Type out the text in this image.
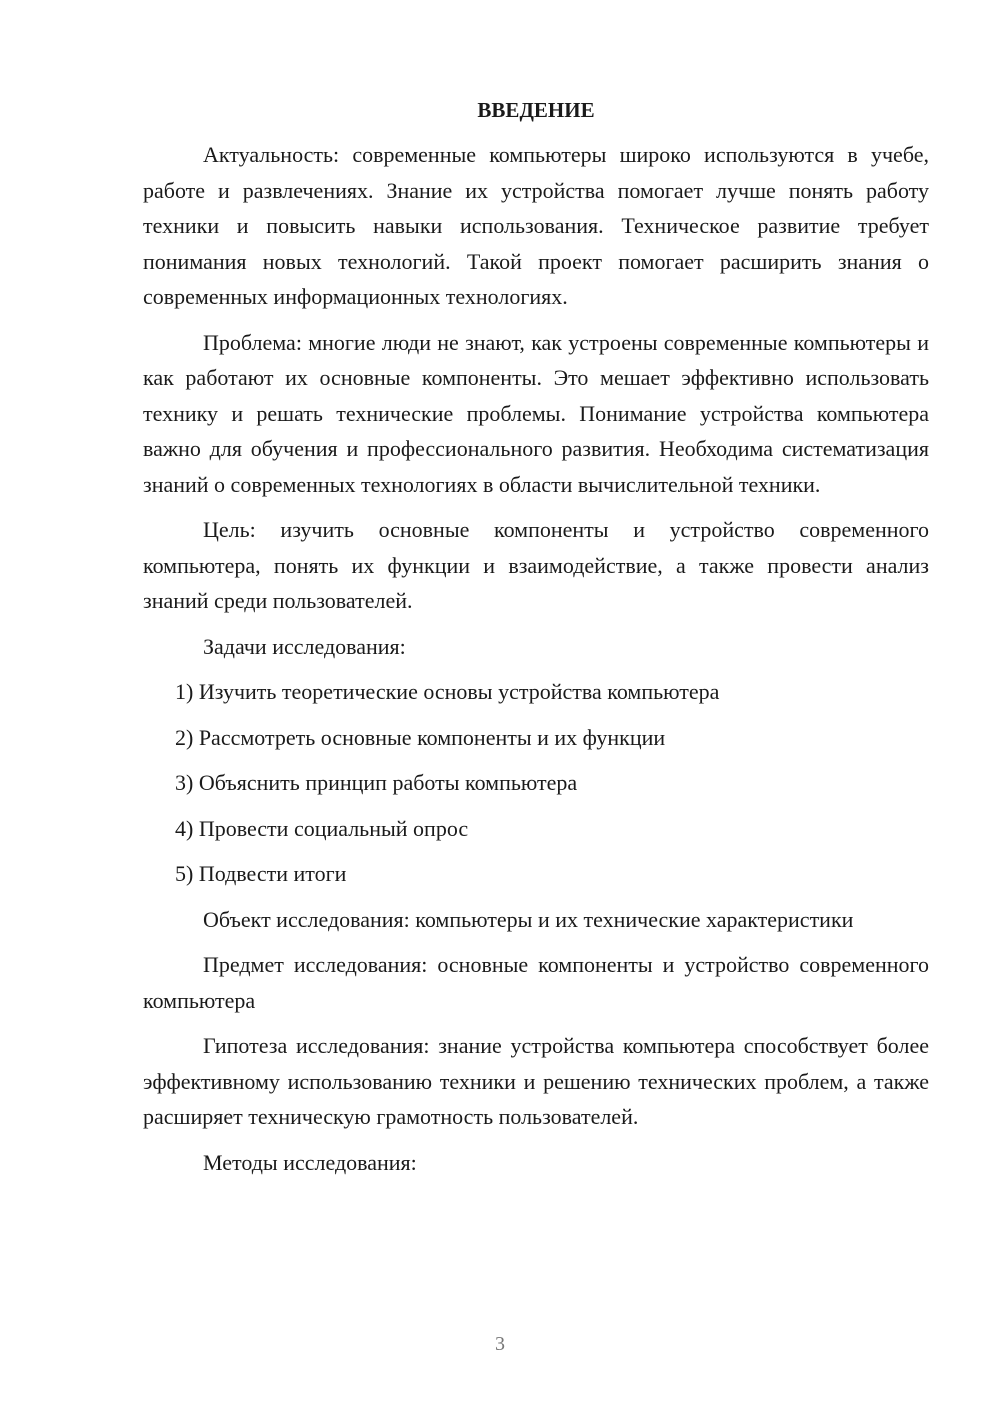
ВВЕДЕНИЕ

Актуальность: современные компьютеры широко используются в учебе, работе и развлечениях. Знание их устройства помогает лучше понять работу техники и повысить навыки использования. Техническое развитие требует понимания новых технологий. Такой проект помогает расширить знания о современных информационных технологиях.

Проблема: многие люди не знают, как устроены современные компьютеры и как работают их основные компоненты. Это мешает эффективно использовать технику и решать технические проблемы. Понимание устройства компьютера важно для обучения и профессионального развития. Необходима систематизация знаний о современных технологиях в области вычислительной техники.

Цель: изучить основные компоненты и устройство современного компьютера, понять их функции и взаимодействие, а также провести анализ знаний среди пользователей.

Задачи исследования:

1) Изучить теоретические основы устройства компьютера
2) Рассмотреть основные компоненты и их функции
3) Объяснить принцип работы компьютера
4) Провести социальный опрос
5) Подвести итоги

Объект исследования: компьютеры и их технические характеристики

Предмет исследования: основные компоненты и устройство современного компьютера

Гипотеза исследования: знание устройства компьютера способствует более эффективному использованию техники и решению технических проблем, а также расширяет техническую грамотность пользователей.

Методы исследования:

3
